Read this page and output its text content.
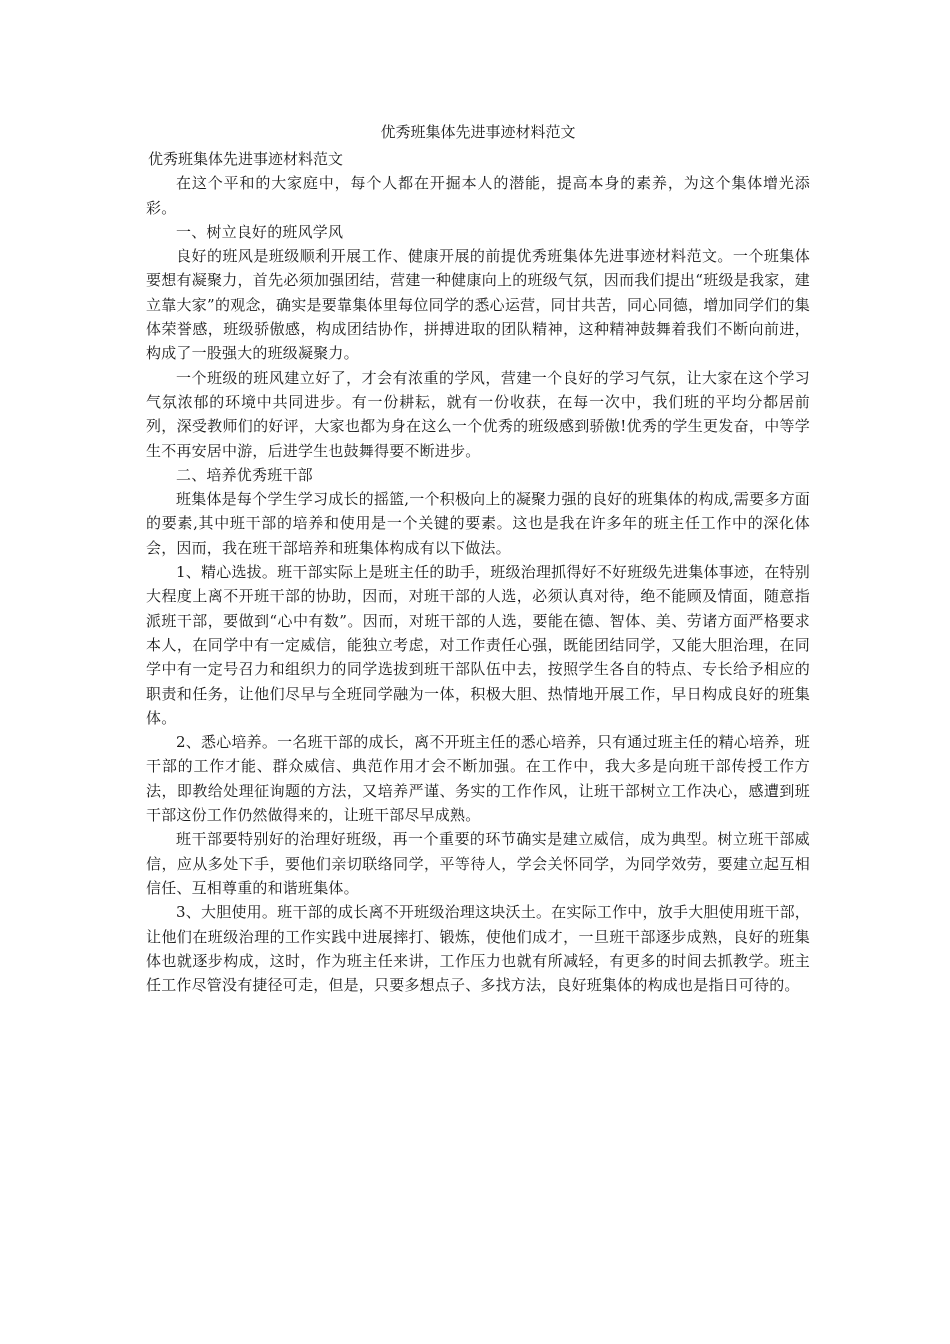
优秀班集体先进事迹材料范文

优秀班集体先进事迹材料范文

在这个平和的大家庭中，每个人都在开掘本人的潜能，提高本身的素养，为这个集体增光添彩。

一、树立良好的班风学风

良好的班风是班级顺利开展工作、健康开展的前提优秀班集体先进事迹材料范文。一个班集体要想有凝聚力，首先必须加强团结，营建一种健康向上的班级气氛，因而我们提出“班级是我家，建立靠大家”的观念，确实是要靠集体里每位同学的悉心运营，同甘共苦，同心同德，增加同学们的集体荣誉感，班级骄傲感，构成团结协作，拼搏进取的团队精神，这种精神鼓舞着我们不断向前进，构成了一股强大的班级凝聚力。

一个班级的班风建立好了，才会有浓重的学风，营建一个良好的学习气氛，让大家在这个学习气氛浓郁的环境中共同进步。有一份耕耘，就有一份收获，在每一次中，我们班的平均分都居前列，深受教师们的好评，大家也都为身在这么一个优秀的班级感到骄傲!优秀的学生更发奋，中等学生不再安居中游，后进学生也鼓舞得要不断进步。

二、培养优秀班干部

班集体是每个学生学习成长的摇篮,一个积极向上的凝聚力强的良好的班集体的构成,需要多方面的要素,其中班干部的培养和使用是一个关键的要素。这也是我在许多年的班主任工作中的深化体会，因而，我在班干部培养和班集体构成有以下做法。

1、精心选拔。班干部实际上是班主任的助手，班级治理抓得好不好班级先进集体事迹，在特别大程度上离不开班干部的协助，因而，对班干部的人选，必须认真对待，绝不能顾及情面，随意指派班干部，要做到“心中有数”。因而，对班干部的人选，要能在德、智体、美、劳诸方面严格要求本人，在同学中有一定威信，能独立考虑，对工作责任心强，既能团结同学，又能大胆治理，在同学中有一定号召力和组织力的同学选拔到班干部队伍中去，按照学生各自的特点、专长给予相应的职责和任务，让他们尽早与全班同学融为一体，积极大胆、热情地开展工作，早日构成良好的班集体。

2、悉心培养。一名班干部的成长，离不开班主任的悉心培养，只有通过班主任的精心培养，班干部的工作才能、群众威信、典范作用才会不断加强。在工作中，我大多是向班干部传授工作方法，即教给处理征询题的方法，又培养严谨、务实的工作作风，让班干部树立工作决心，感遭到班干部这份工作仍然做得来的，让班干部尽早成熟。

班干部要特别好的治理好班级，再一个重要的环节确实是建立威信，成为典型。树立班干部威信，应从多处下手，要他们亲切联络同学，平等待人，学会关怀同学，为同学效劳，要建立起互相信任、互相尊重的和谐班集体。

3、大胆使用。班干部的成长离不开班级治理这块沃土。在实际工作中，放手大胆使用班干部，让他们在班级治理的工作实践中进展摔打、锻炼，使他们成才，一旦班干部逐步成熟，良好的班集体也就逐步构成，这时，作为班主任来讲，工作压力也就有所减轻，有更多的时间去抓教学。班主任工作尽管没有捷径可走，但是，只要多想点子、多找方法，良好班集体的构成也是指日可待的。
